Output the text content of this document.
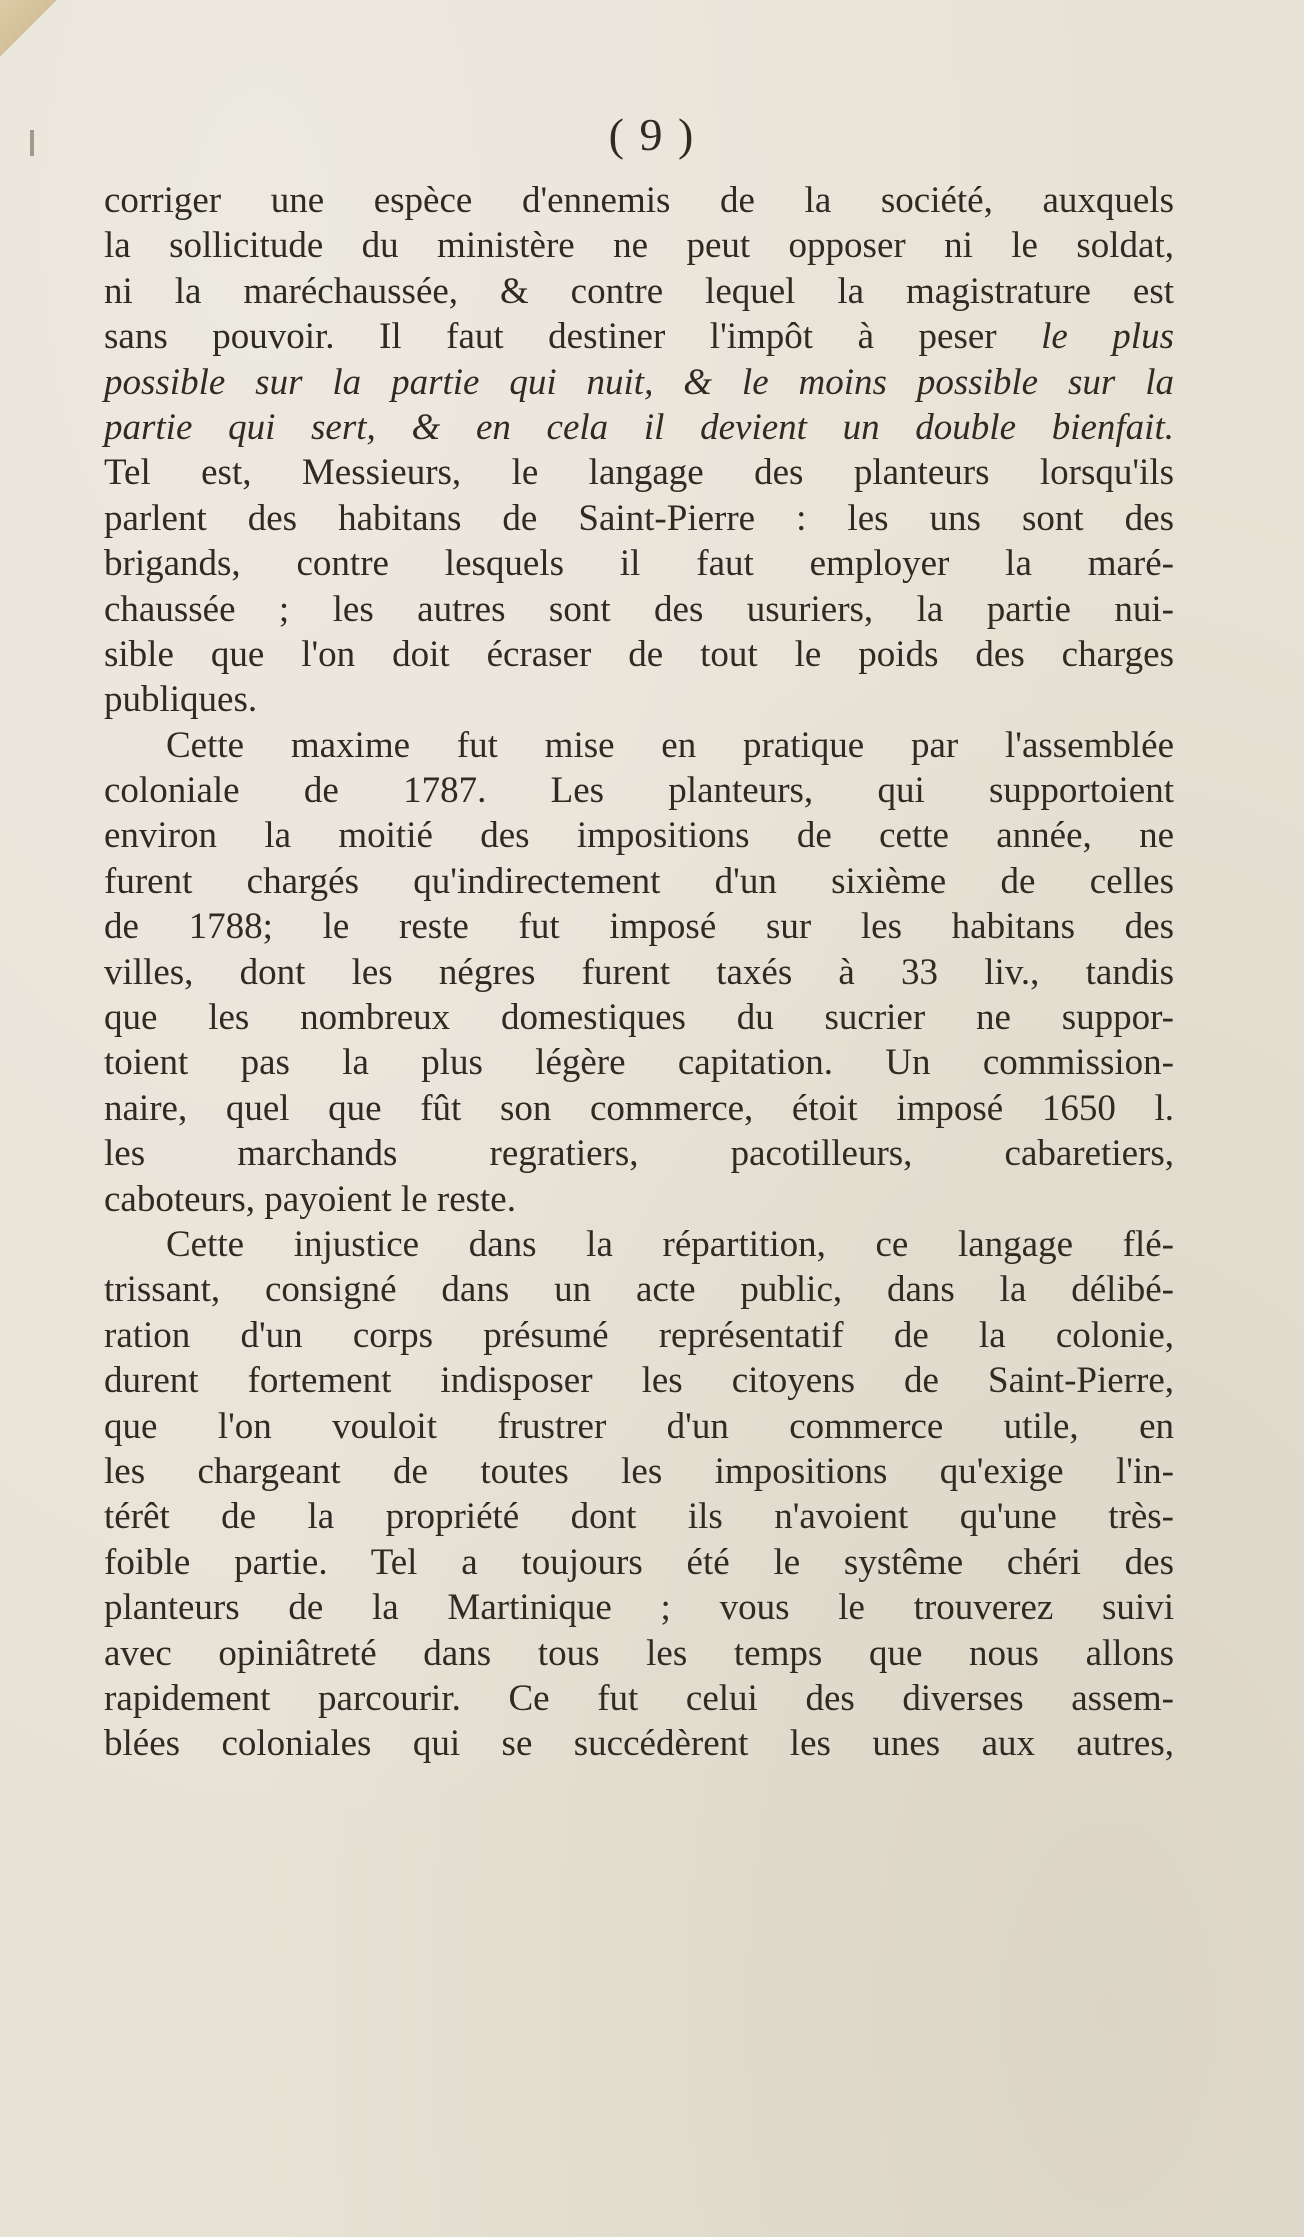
( 9 )
corriger une espèce d'ennemis de la société, auxquels
la sollicitude du ministère ne peut opposer ni le soldat,
ni la maréchaussée, & contre lequel la magistrature est
sans pouvoir. Il faut destiner l'impôt à peser le plus
possible sur la partie qui nuit, & le moins possible sur la
partie qui sert, & en cela il devient un double bienfait.
Tel est, Messieurs, le langage des planteurs lorsqu'ils
parlent des habitans de Saint-Pierre : les uns sont des
brigands, contre lesquels il faut employer la maré-
chaussée ; les autres sont des usuriers, la partie nui-
sible que l'on doit écraser de tout le poids des charges
publiques.
Cette maxime fut mise en pratique par l'assemblée
coloniale de 1787. Les planteurs, qui supportoient
environ la moitié des impositions de cette année, ne
furent chargés qu'indirectement d'un sixième de celles
de 1788; le reste fut imposé sur les habitans des
villes, dont les négres furent taxés à 33 liv., tandis
que les nombreux domestiques du sucrier ne suppor-
toient pas la plus légère capitation. Un commission-
naire, quel que fût son commerce, étoit imposé 1650 l.
les marchands regratiers, pacotilleurs, cabaretiers,
caboteurs, payoient le reste.
Cette injustice dans la répartition, ce langage flé-
trissant, consigné dans un acte public, dans la délibé-
ration d'un corps présumé représentatif de la colonie,
durent fortement indisposer les citoyens de Saint-Pierre,
que l'on vouloit frustrer d'un commerce utile, en
les chargeant de toutes les impositions qu'exige l'in-
térêt de la propriété dont ils n'avoient qu'une très-
foible partie. Tel a toujours été le systême chéri des
planteurs de la Martinique ; vous le trouverez suivi
avec opiniâtreté dans tous les temps que nous allons
rapidement parcourir. Ce fut celui des diverses assem-
blées coloniales qui se succédèrent les unes aux autres,
